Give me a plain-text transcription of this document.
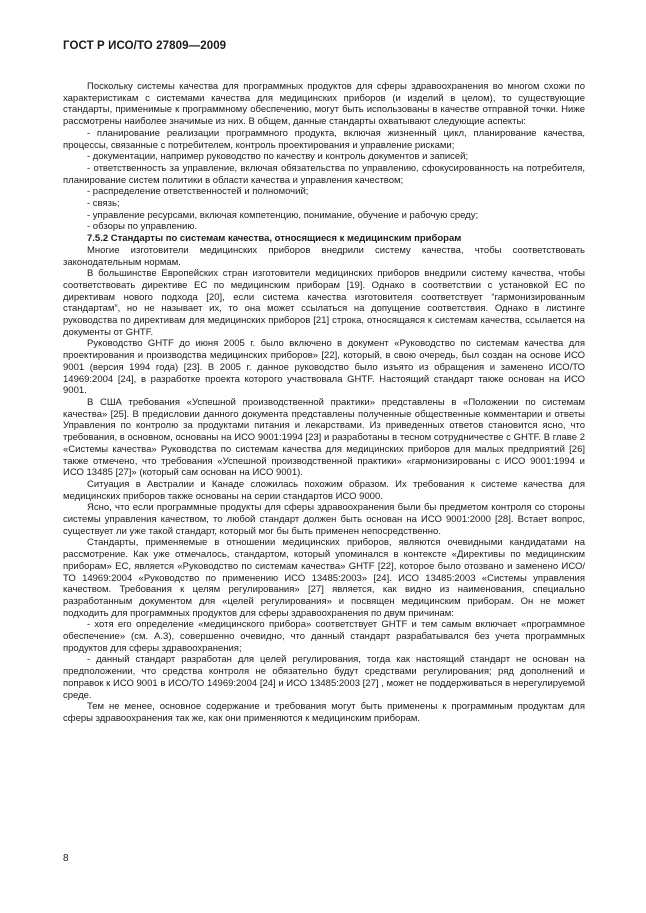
ГОСТ Р ИСО/ТО 27809—2009

Поскольку системы качества для программных продуктов для сферы здравоохранения во многом схожи по характеристикам с системами качества для медицинских приборов (и изделий в целом), то существующие стандарты, применимые к программному обеспечению, могут быть использованы в качестве отправной точки. Ниже рассмотрены наиболее значимые из них. В общем, данные стандарты охватывают следующие аспекты:

- планирование реализации программного продукта, включая жизненный цикл, планирование качества, процессы, связанные с потребителем, контроль проектирования и управление рисками;

- документации, например руководство по качеству и контроль документов и записей;

- ответственность за управление, включая обязательства по управлению, сфокусированность на потребителя, планирование систем политики в области качества и управления качеством;

- распределение ответственностей и полномочий;

- связь;

- управление ресурсами, включая компетенцию, понимание, обучение и рабочую среду;

- обзоры по управлению.

7.5.2 Стандарты по системам качества, относящиеся к медицинским приборам

Многие изготовители медицинских приборов внедрили систему качества, чтобы соответствовать законодательным нормам.

В большинстве Европейских стран изготовители медицинских приборов внедрили систему качества, чтобы соответствовать директиве ЕС по медицинским приборам [19]. Однако в соответствии с установкой ЕС по директивам нового подхода [20], если система качества изготовителя соответствует “гармонизированным стандартам”, но не называет их, то она может ссылаться на допущение соответствия. Однако в листинге руководства по директивам для медицинских приборов [21] строка, относящаяся к системам качества, ссылается на документы от GHTF.

Руководство GHTF до июня 2005 г. было включено в документ «Руководство по системам качества для проектирования и производства медицинских приборов» [22], который, в свою очередь, был создан на основе ИСО 9001 (версия 1994 года) [23]. В 2005 г. данное руководство было изъято из обращения и заменено ИСО/ТО 14969:2004 [24], в разработке проекта которого участвовала GHTF. Настоящий стандарт также основан на ИСО 9001.

В США требования «Успешной производственной практики» представлены в «Положении по системам качества» [25]. В предисловии данного документа представлены полученные общественные комментарии и ответы Управления по контролю за продуктами питания и лекарствами. Из приведенных ответов становится ясно, что требования, в основном, основаны на ИСО 9001:1994 [23] и разработаны в тесном сотрудничестве с GHTF. В главе 2 «Системы качества» Руководства по системам качества для медицинских приборов для малых предприятий [26] также отмечено, что требования «Успешной производственной практики» «гармонизированы с ИСО 9001:1994 и ИСО 13485 [27]» (который сам основан на ИСО 9001).

Ситуация в Австралии и Канаде сложилась похожим образом. Их требования к системе качества для медицинских приборов также основаны на серии стандартов ИСО 9000.

Ясно, что если программные продукты для сферы здравоохранения были бы предметом контроля со стороны системы управления качеством, то любой стандарт должен быть основан на ИСО 9001:2000 [28]. Встает вопрос, существует ли уже такой стандарт, который мог бы быть применен непосредственно.

Стандарты, применяемые в отношении медицинских приборов, являются очевидными кандидатами на рассмотрение. Как уже отмечалось, стандартом, который упоминался в контексте «Директивы по медицинским приборам» ЕС, является «Руководство по системам качества» GHTF [22], которое было отозвано и заменено ИСО/ТО 14969:2004 «Руководство по применению ИСО 13485:2003» [24]. ИСО 13485:2003 «Системы управления качеством. Требования к целям регулирования» [27] является, как видно из наименования, специально разработанным документом для «целей регулирования» и посвящен медицинским приборам. Он не может подходить для программных продуктов для сферы здравоохранения по двум причинам:

- хотя его определение «медицинского прибора» соответствует GHTF и тем самым включает «программное обеспечение» (см. А.3), совершенно очевидно, что данный стандарт разрабатывался без учета программных продуктов для сферы здравоохранения;

- данный стандарт разработан для целей регулирования, тогда как настоящий стандарт не основан на предположении, что средства контроля не обязательно будут средствами регулирования; ряд дополнений и поправок к ИСО 9001 в ИСО/ТО 14969:2004 [24] и ИСО 13485:2003 [27] , может не поддерживаться в нерегулируемой среде.

Тем не менее, основное содержание и требования могут быть применены к программным продуктам для сферы здравоохранения так же, как они применяются к медицинским приборам.

8
